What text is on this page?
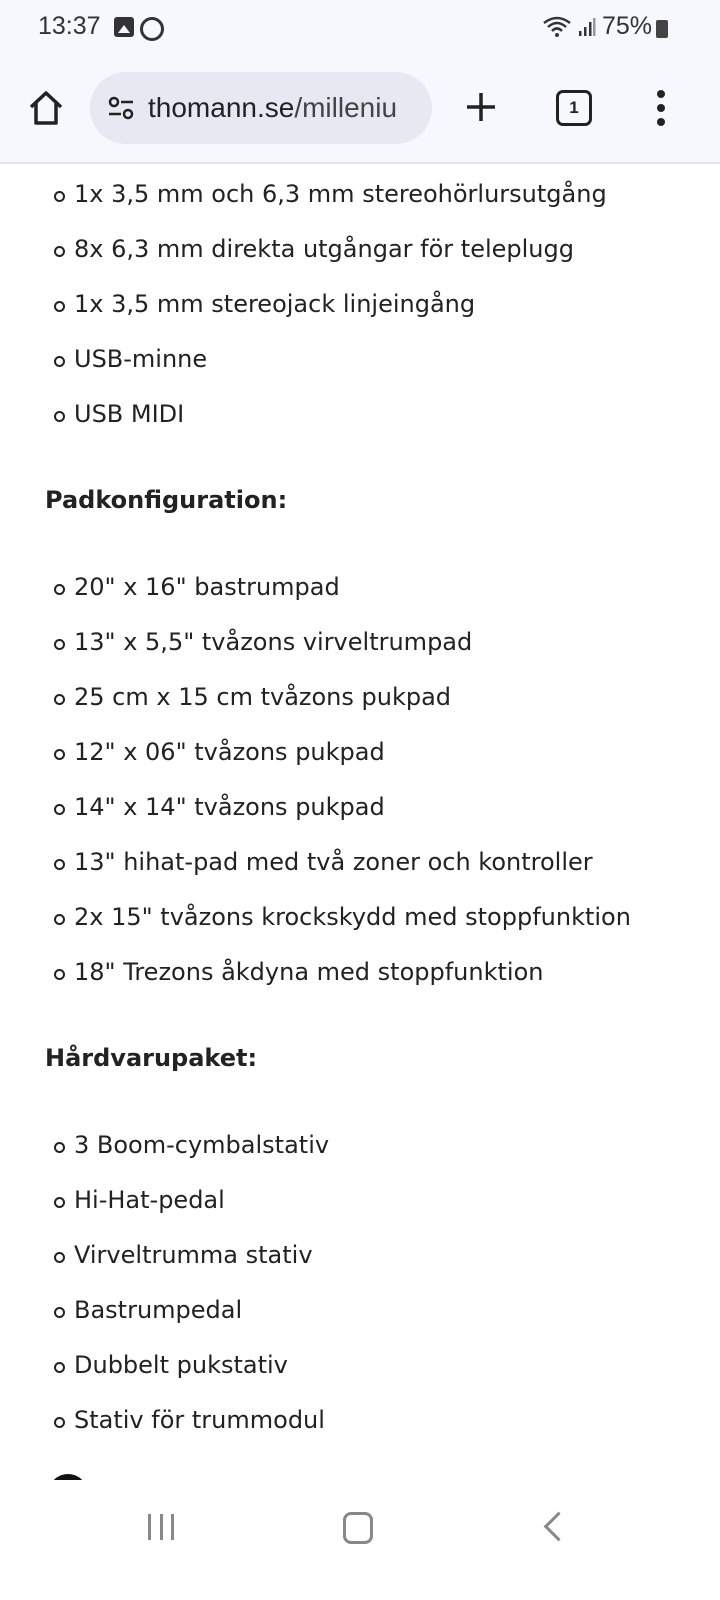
13:37	75%
thomann.se/milleniu	1
1x 3,5 mm och 6,3 mm stereohörlursutgång
8x 6,3 mm direkta utgångar för teleplugg
1x 3,5 mm stereojack linjeingång
USB-minne
USB MIDI
Padkonfiguration:
20" x 16" bastrumpad
13" x 5,5" tvåzons virveltrumpad
25 cm x 15 cm tvåzons pukpad
12" x 06" tvåzons pukpad
14" x 14" tvåzons pukpad
13" hihat-pad med två zoner och kontroller
2x 15" tvåzons krockskydd med stoppfunktion
18" Trezons åkdyna med stoppfunktion
Hårdvarupaket:
3 Boom-cymbalstativ
Hi-Hat-pedal
Virveltrumma stativ
Bastrumpedal
Dubbelt pukstativ
Stativ för trummodul
